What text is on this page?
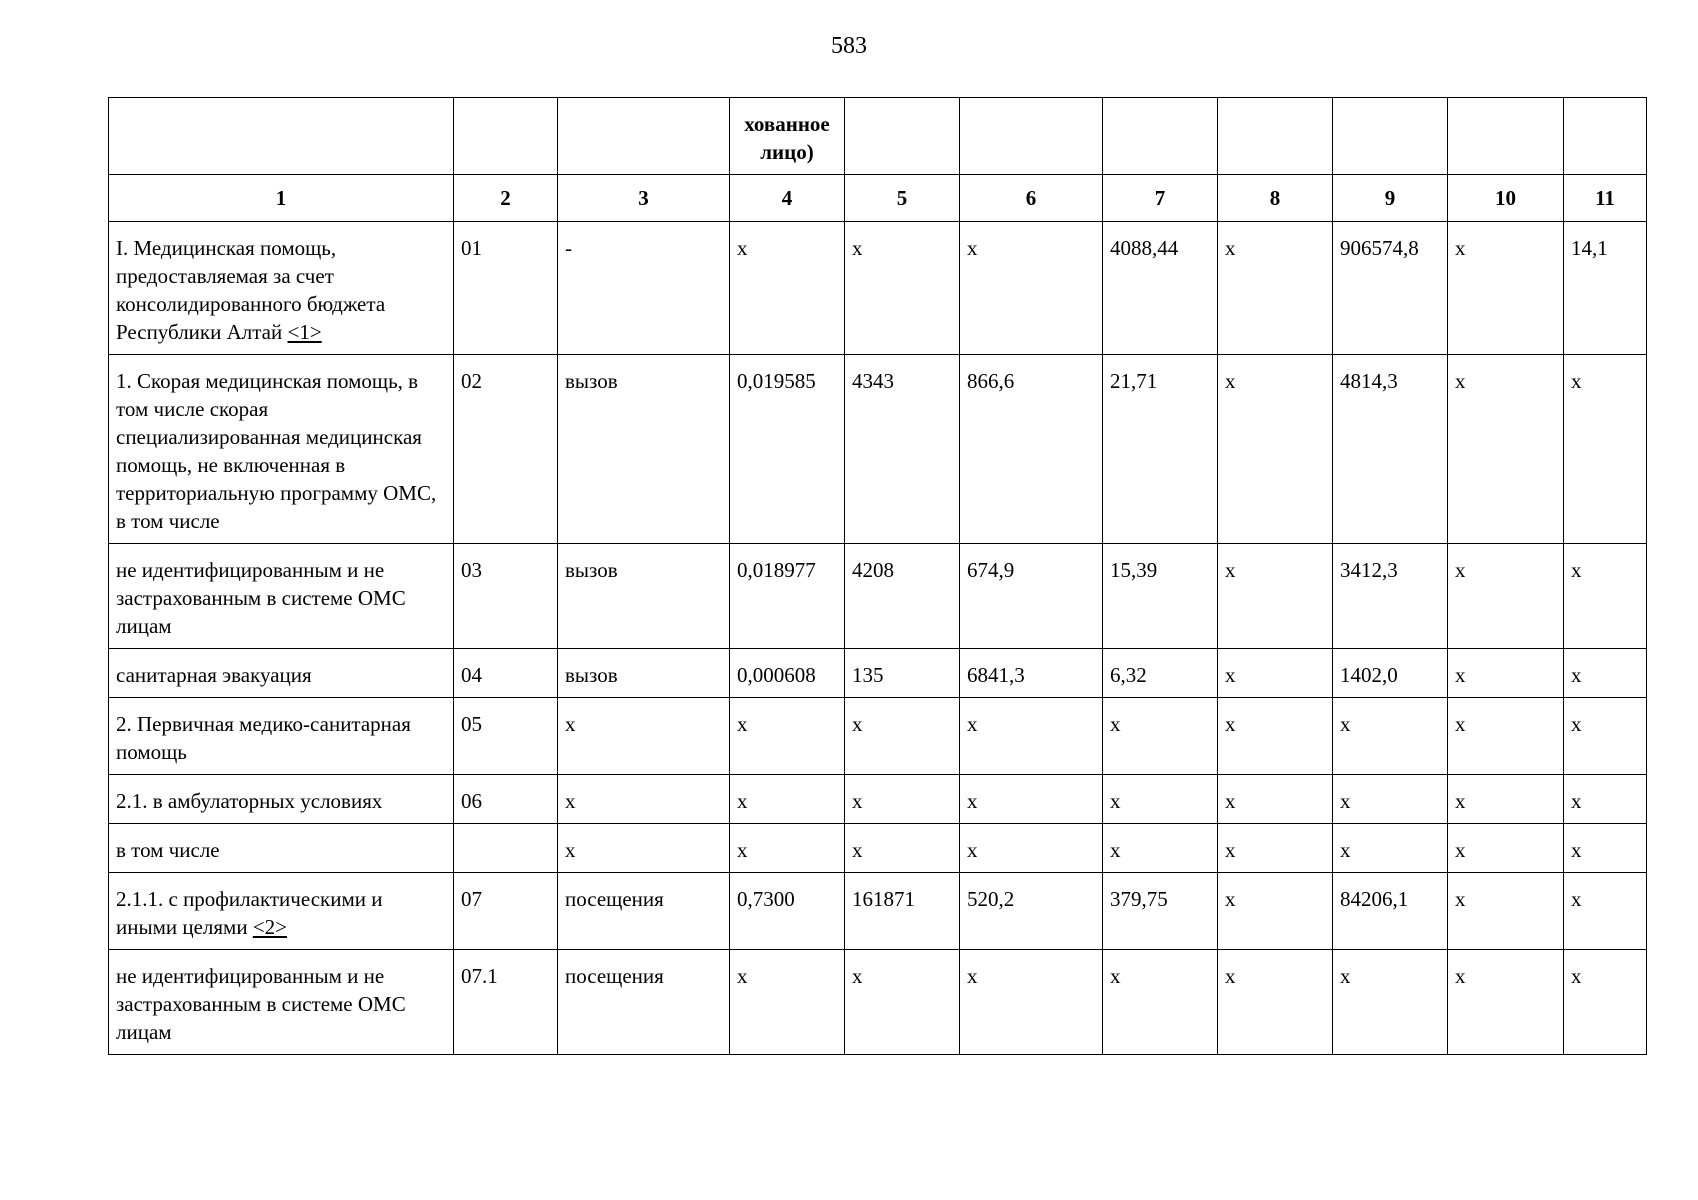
583
			хованное лицо)							
1	2	3	4	5	6	7	8	9	10	11
I. Медицинская помощь, предоставляемая за счет консолидированного бюджета Республики Алтай <1>	01	-	х	х	х	4088,44	х	906574,8	х	14,1
1. Скорая медицинская помощь, в том числе скорая специализированная медицинская помощь, не включенная в территориальную программу ОМС, в том числе	02	вызов	0,019585	4343	866,6	21,71	х	4814,3	х	х
не идентифицированным и не застрахованным в системе ОМС лицам	03	вызов	0,018977	4208	674,9	15,39	х	3412,3	х	х
санитарная эвакуация	04	вызов	0,000608	135	6841,3	6,32	х	1402,0	х	х
2. Первичная медико-санитарная помощь	05	х	х	х	х	х	х	х	х	х
2.1. в амбулаторных условиях	06	х	х	х	х	х	х	х	х	х
в том числе		х	х	х	х	х	х	х	х	х
2.1.1. с профилактическими и иными целями <2>	07	посещения	0,7300	161871	520,2	379,75	х	84206,1	х	х
не идентифицированным и не застрахованным в системе ОМС лицам	07.1	посещения	х	х	х	х	х	х	х	х
